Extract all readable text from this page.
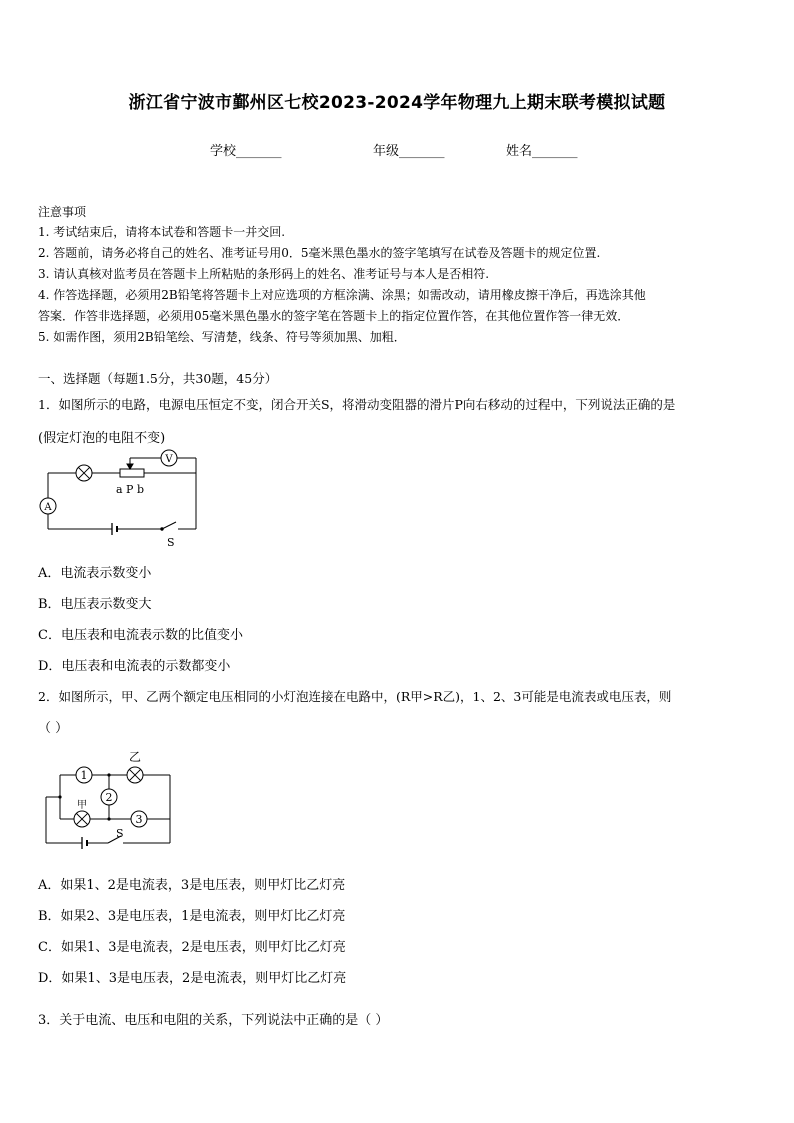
浙江省宁波市鄞州区七校2023-2024学年物理九上期末联考模拟试题
学校_______	年级_______	姓名_______
注意事项
1. 考试结束后，请将本试卷和答题卡一并交回.
2. 答题前，请务必将自己的姓名、准考证号用0．5毫米黑色墨水的签字笔填写在试卷及答题卡的规定位置.
3. 请认真核对监考员在答题卡上所粘贴的条形码上的姓名、准考证号与本人是否相符.
4. 作答选择题，必须用2B铅笔将答题卡上对应选项的方框涂满、涂黑；如需改动，请用橡皮擦干净后，再选涂其他
答案．作答非选择题，必须用05毫米黑色墨水的签字笔在答题卡上的指定位置作答，在其他位置作答一律无效．
5. 如需作图，须用2B铅笔绘、写清楚，线条、符号等须加黑、加粗．
一、选择题（每题1.5分，共30题，45分）
1．如图所示的电路，电源电压恒定不变，闭合开关S，将滑动变阻器的滑片P向右移动的过程中，下列说法正确的是
(假定灯泡的电阻不变)
V
A
a P b
S
A．电流表示数变小
B．电压表示数变大
C．电压表和电流表示数的比值变小
D．电压表和电流表的示数都变小
2．如图所示，甲、乙两个额定电压相同的小灯泡连接在电路中，(R甲>R乙)，1、2、3可能是电流表或电压表，则
（ ）
乙
甲
1
2
3
S
A．如果1、2是电流表，3是电压表，则甲灯比乙灯亮
B．如果2、3是电压表，1是电流表，则甲灯比乙灯亮
C．如果1、3是电流表，2是电压表，则甲灯比乙灯亮
D．如果1、3是电压表，2是电流表，则甲灯比乙灯亮
3．关于电流、电压和电阻的关系，下列说法中正确的是（ ）
